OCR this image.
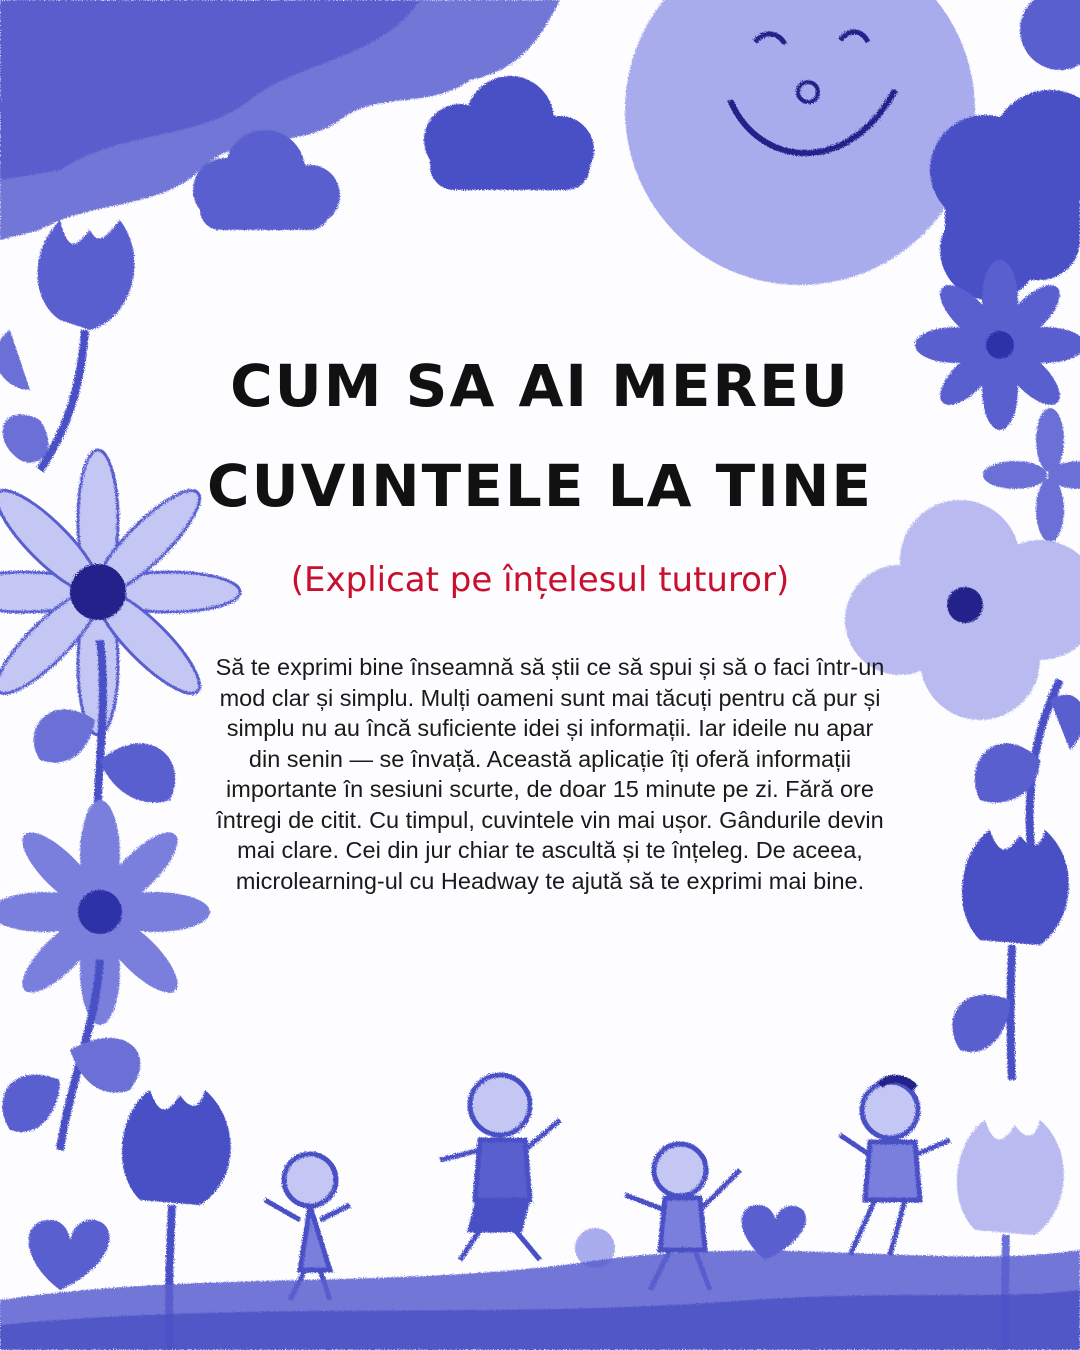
CUM SA AI MEREU
CUVINTELE LA TINE

(Explicat pe înțelesul tuturor)

Să te exprimi bine înseamnă să știi ce să spui și să o faci într-un mod clar și simplu. Mulți oameni sunt mai tăcuți pentru că pur și simplu nu au încă suficiente idei și informații. Iar ideile nu apar din senin — se învață. Această aplicație îți oferă informații importante în sesiuni scurte, de doar 15 minute pe zi. Fără ore întregi de citit. Cu timpul, cuvintele vin mai ușor. Gândurile devin mai clare. Cei din jur chiar te ascultă și te înțeleg. De aceea, microlearning-ul cu Headway te ajută să te exprimi mai bine.
